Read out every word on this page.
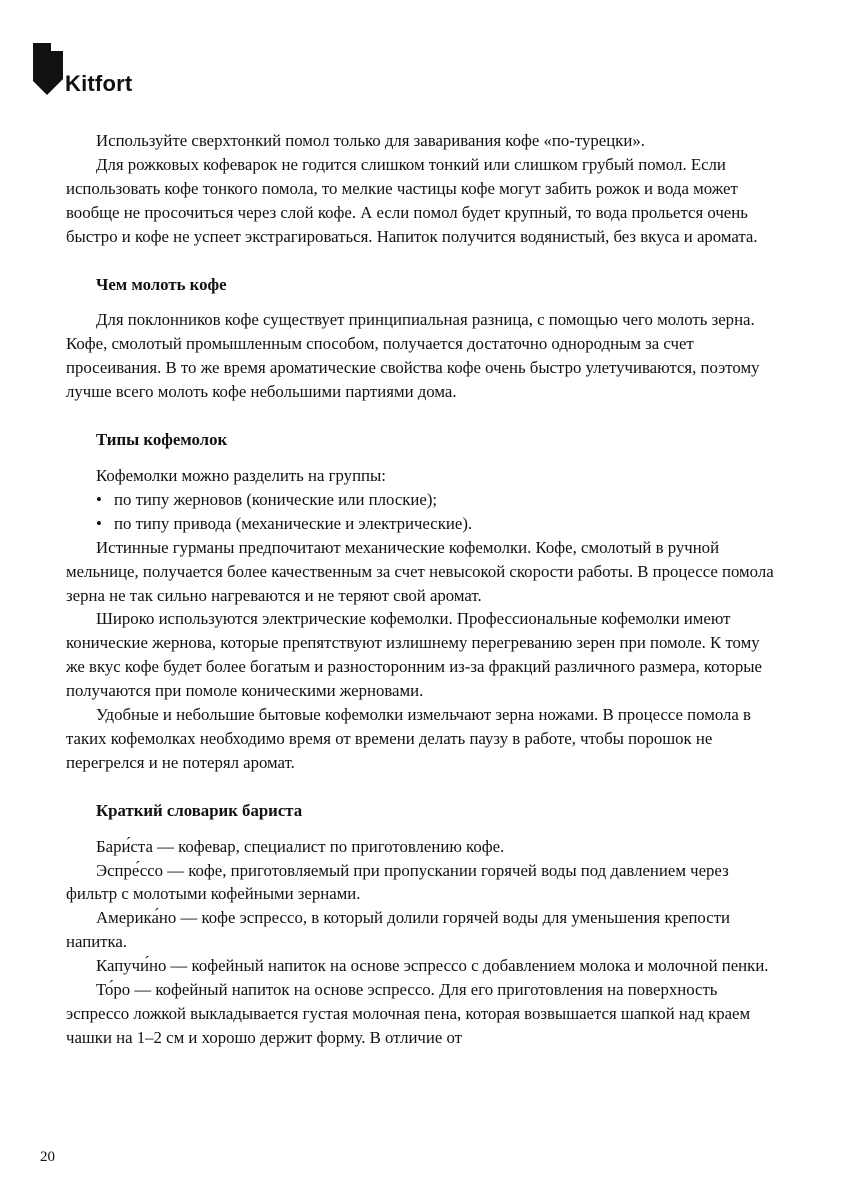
Kitfort

Используйте сверхтонкий помол только для заваривания кофе «по-турецки».

Для рожковых кофеварок не годится слишком тонкий или слишком грубый помол. Если использовать кофе тонкого помола, то мелкие частицы кофе могут забить рожок и вода может вообще не просочиться через слой кофе. А если помол будет крупный, то вода прольется очень быстро и кофе не успеет экстрагироваться. Напиток получится водянистый, без вкуса и аромата.

Чем молоть кофе

Для поклонников кофе существует принципиальная разница, с помощью чего молоть зерна. Кофе, смолотый промышленным способом, получается достаточно однородным за счет просеивания. В то же время ароматические свойства кофе очень быстро улетучиваются, поэтому лучше всего молоть кофе небольшими партиями дома.

Типы кофемолок

Кофемолки можно разделить на группы:

• по типу жерновов (конические или плоские);
• по типу привода (механические и электрические).

Истинные гурманы предпочитают механические кофемолки. Кофе, смолотый в ручной мельнице, получается более качественным за счет невысокой скорости работы. В процессе помола зерна не так сильно нагреваются и не теряют свой аромат.

Широко используются электрические кофемолки. Профессиональные кофемолки имеют конические жернова, которые препятствуют излишнему перегреванию зерен при помоле. К тому же вкус кофе будет более богатым и разносторонним из-за фракций различного размера, которые получаются при помоле коническими жерновами.

Удобные и небольшие бытовые кофемолки измельчают зерна ножами. В процессе помола в таких кофемолках необходимо время от времени делать паузу в работе, чтобы порошок не перегрелся и не потерял аромат.

Краткий словарик бариста

Бари́ста — кофевар, специалист по приготовлению кофе.

Эспре́ссо — кофе, приготовляемый при пропускании горячей воды под давлением через фильтр с молотыми кофейными зернами.

Америка́но — кофе эспрессо, в который долили горячей воды для уменьшения крепости напитка.

Капучи́но — кофейный напиток на основе эспрессо с добавлением молока и молочной пенки.

То́ро — кофейный напиток на основе эспрессо. Для его приготовления на поверхность эспрессо ложкой выкладывается густая молочная пена, которая возвышается шапкой над краем чашки на 1–2 см и хорошо держит форму. В отличие от

20
